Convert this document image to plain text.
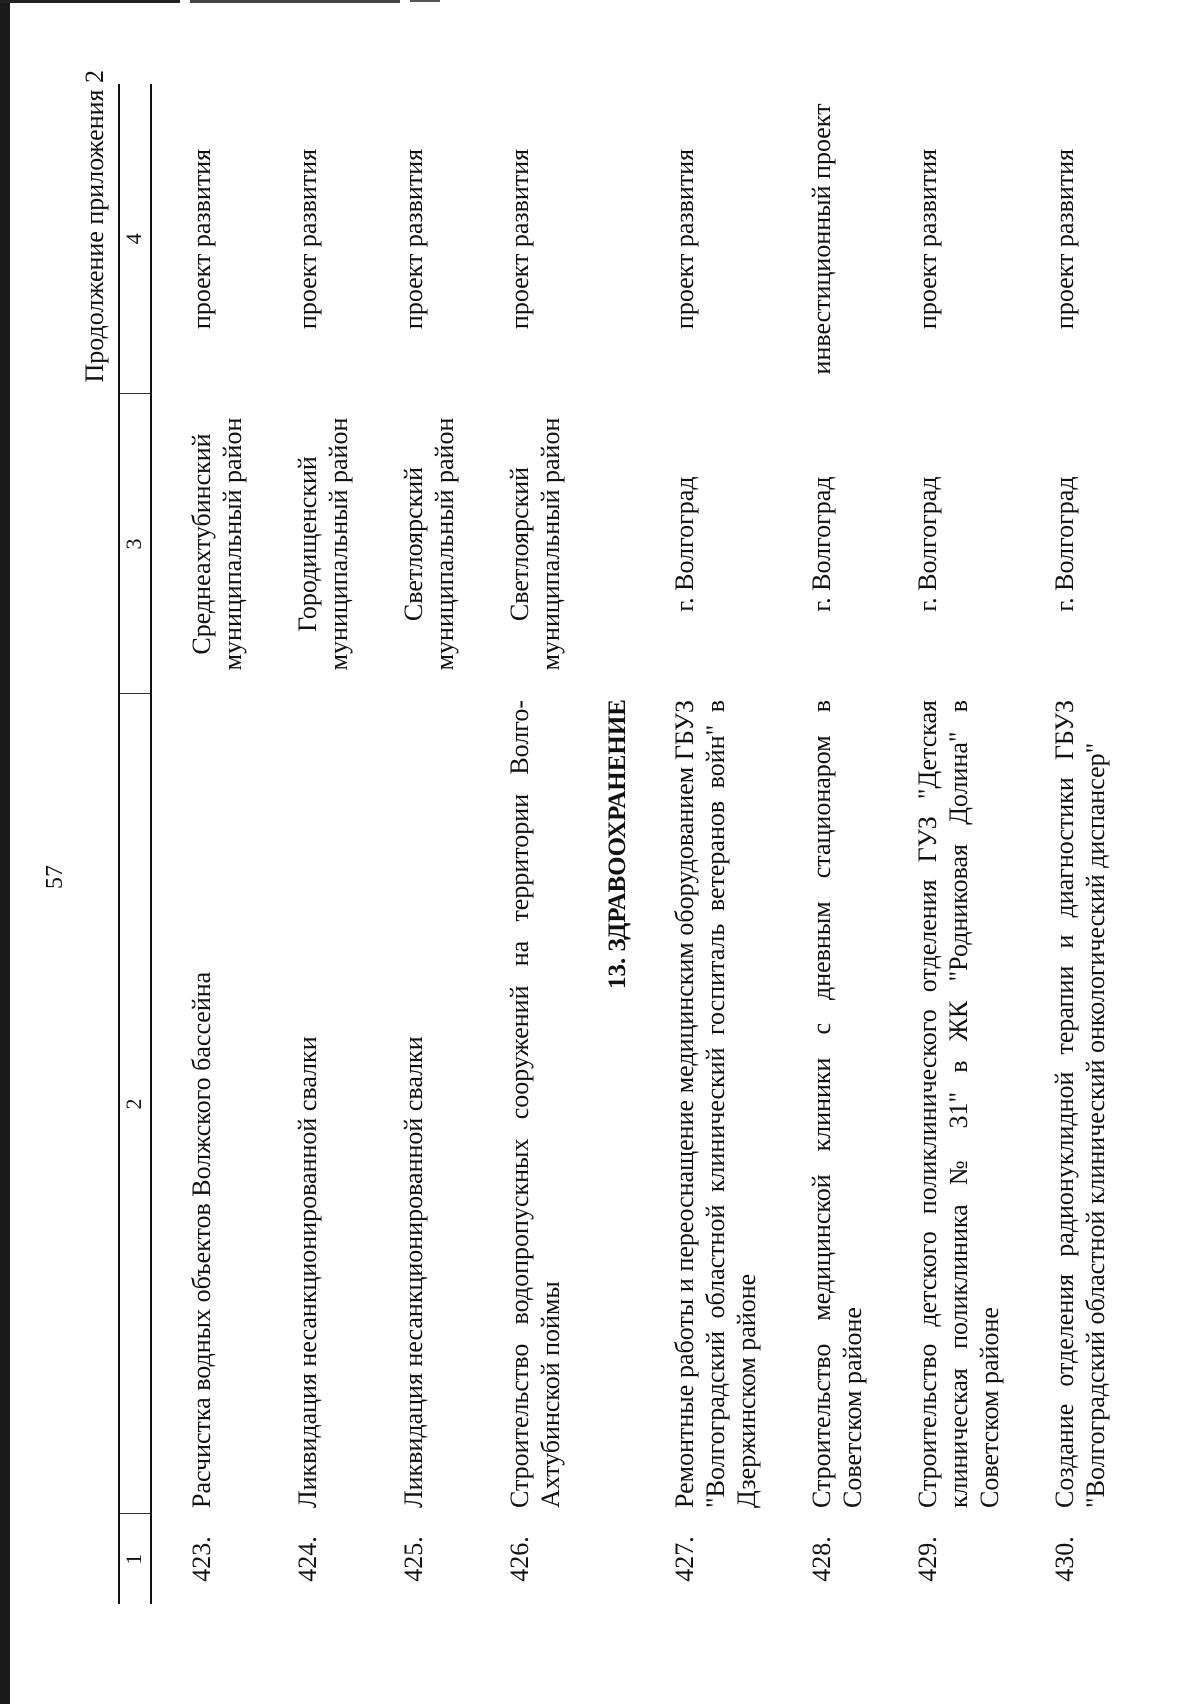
57
Продолжение приложения 2
1	2	3	4
423.	Расчистка водных объектов Волжского бассейна	Среднеахтубинский муниципальный район	проект развития
424.	Ликвидация несанкционированной свалки	Городищенский муниципальный район	проект развития
425.	Ликвидация несанкционированной свалки	Светлоярский муниципальный район	проект развития
426.	Строительство водопропускных сооружений на территории Волго-Ахтубинской поймы	Светлоярский муниципальный район	проект развития
13. ЗДРАВООХРАНЕНИЕ			
427.	Ремонтные работы и переоснащение медицинским оборудованием ГБУЗ "Волгоградский областной клинический госпиталь ветеранов войн" в Дзержинском районе	г. Волгоград	проект развития
428.	Строительство медицинской клиники с дневным стационаром в Советском районе	г. Волгоград	инвестиционный проект
429.	Строительство детского поликлинического отделения ГУЗ "Детская клиническая поликлиника № 31" в ЖК "Родниковая Долина" в Советском районе	г. Волгоград	проект развития
430.	Создание отделения радионуклидной терапии и диагностики ГБУЗ "Волгоградский областной клинический онкологический диспансер"	г. Волгоград	проект развития
